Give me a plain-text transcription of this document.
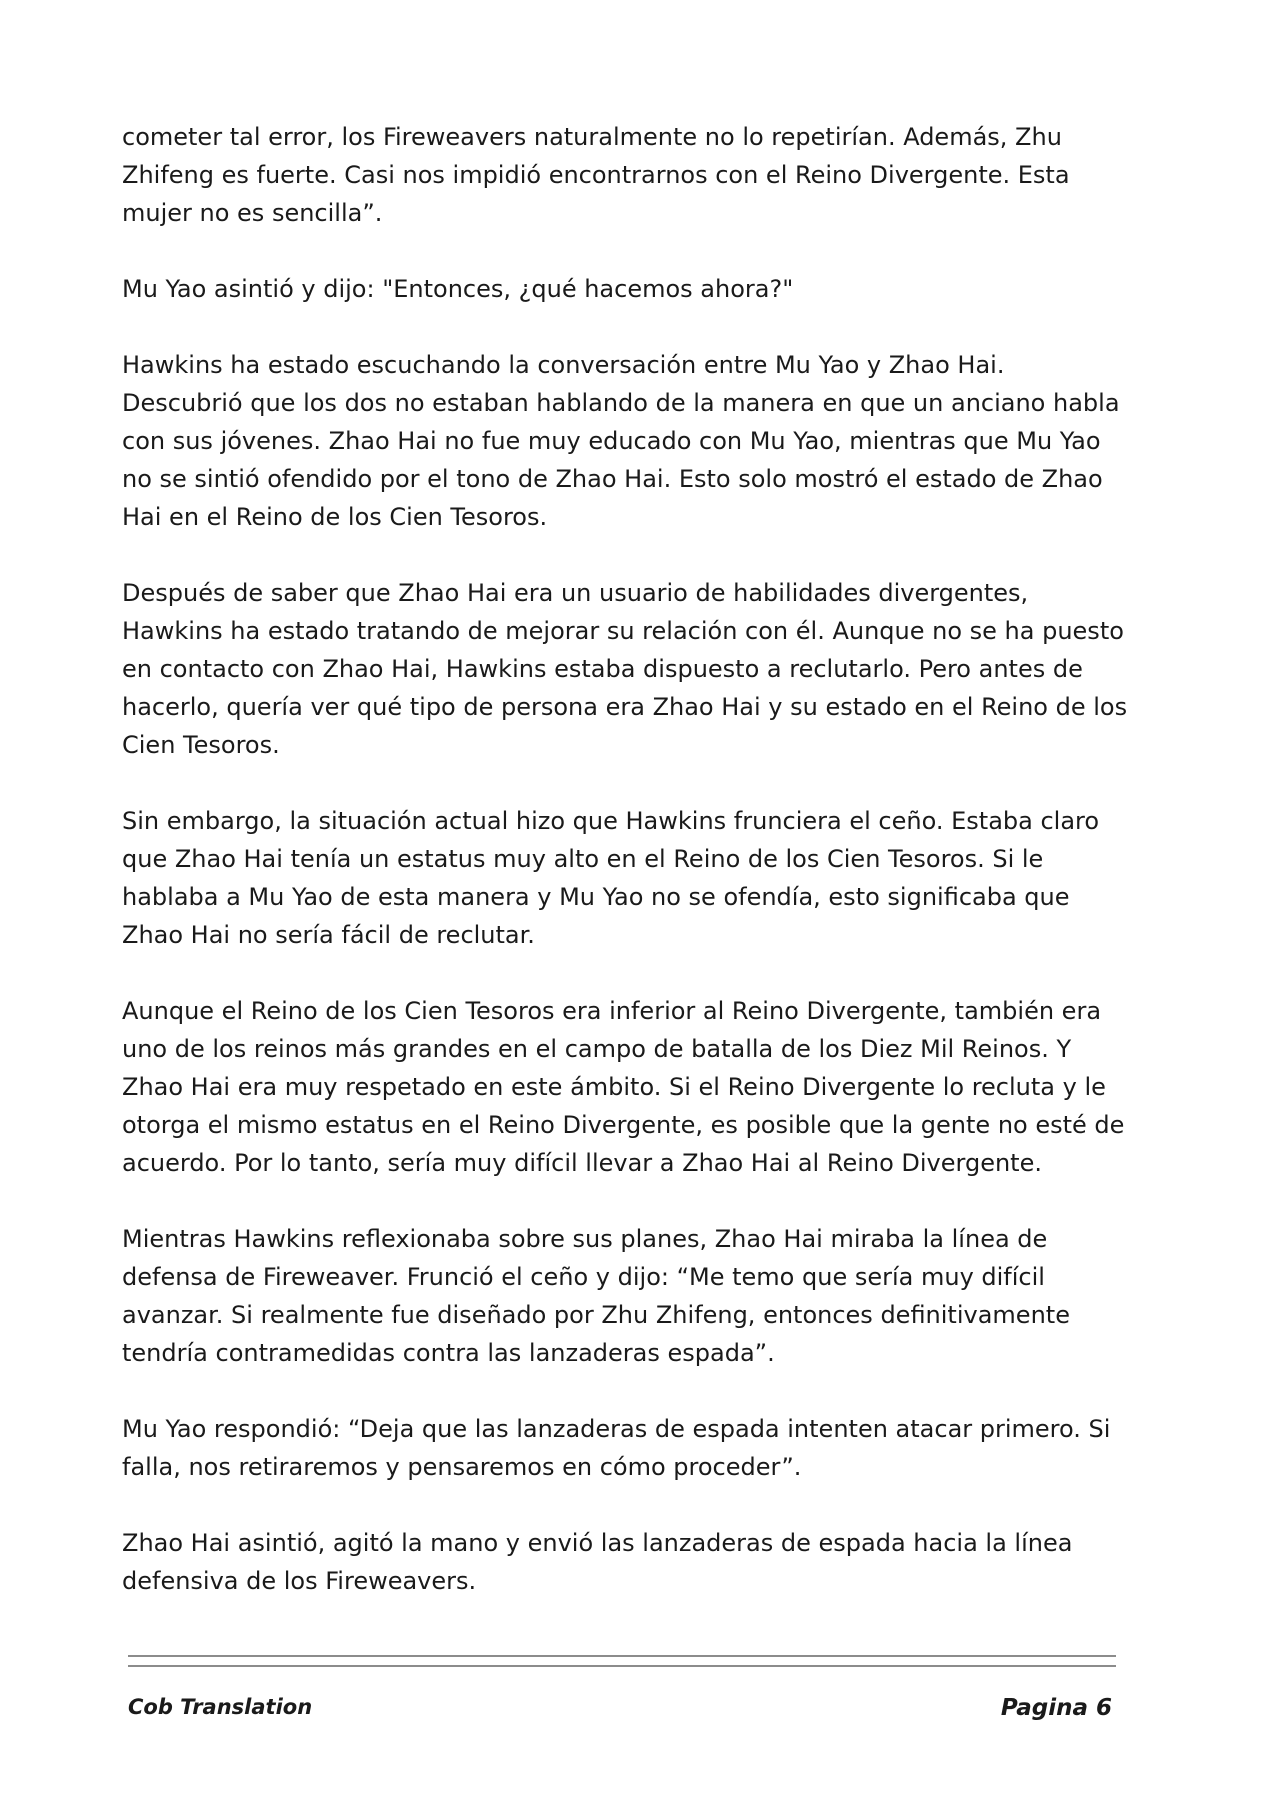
cometer tal error, los Fireweavers naturalmente no lo repetirían. Además, Zhu Zhifeng es fuerte. Casi nos impidió encontrarnos con el Reino Divergente. Esta mujer no es sencilla”.

Mu Yao asintió y dijo: "Entonces, ¿qué hacemos ahora?"

Hawkins ha estado escuchando la conversación entre Mu Yao y Zhao Hai. Descubrió que los dos no estaban hablando de la manera en que un anciano habla con sus jóvenes. Zhao Hai no fue muy educado con Mu Yao, mientras que Mu Yao no se sintió ofendido por el tono de Zhao Hai. Esto solo mostró el estado de Zhao Hai en el Reino de los Cien Tesoros.

Después de saber que Zhao Hai era un usuario de habilidades divergentes, Hawkins ha estado tratando de mejorar su relación con él. Aunque no se ha puesto en contacto con Zhao Hai, Hawkins estaba dispuesto a reclutarlo. Pero antes de hacerlo, quería ver qué tipo de persona era Zhao Hai y su estado en el Reino de los Cien Tesoros.

Sin embargo, la situación actual hizo que Hawkins frunciera el ceño. Estaba claro que Zhao Hai tenía un estatus muy alto en el Reino de los Cien Tesoros. Si le hablaba a Mu Yao de esta manera y Mu Yao no se ofendía, esto significaba que Zhao Hai no sería fácil de reclutar.

Aunque el Reino de los Cien Tesoros era inferior al Reino Divergente, también era uno de los reinos más grandes en el campo de batalla de los Diez Mil Reinos. Y Zhao Hai era muy respetado en este ámbito. Si el Reino Divergente lo recluta y le otorga el mismo estatus en el Reino Divergente, es posible que la gente no esté de acuerdo. Por lo tanto, sería muy difícil llevar a Zhao Hai al Reino Divergente.

Mientras Hawkins reflexionaba sobre sus planes, Zhao Hai miraba la línea de defensa de Fireweaver. Frunció el ceño y dijo: “Me temo que sería muy difícil avanzar. Si realmente fue diseñado por Zhu Zhifeng, entonces definitivamente tendría contramedidas contra las lanzaderas espada”.

Mu Yao respondió: “Deja que las lanzaderas de espada intenten atacar primero. Si falla, nos retiraremos y pensaremos en cómo proceder”.

Zhao Hai asintió, agitó la mano y envió las lanzaderas de espada hacia la línea defensiva de los Fireweavers.

Cob Translation	Pagina 6
